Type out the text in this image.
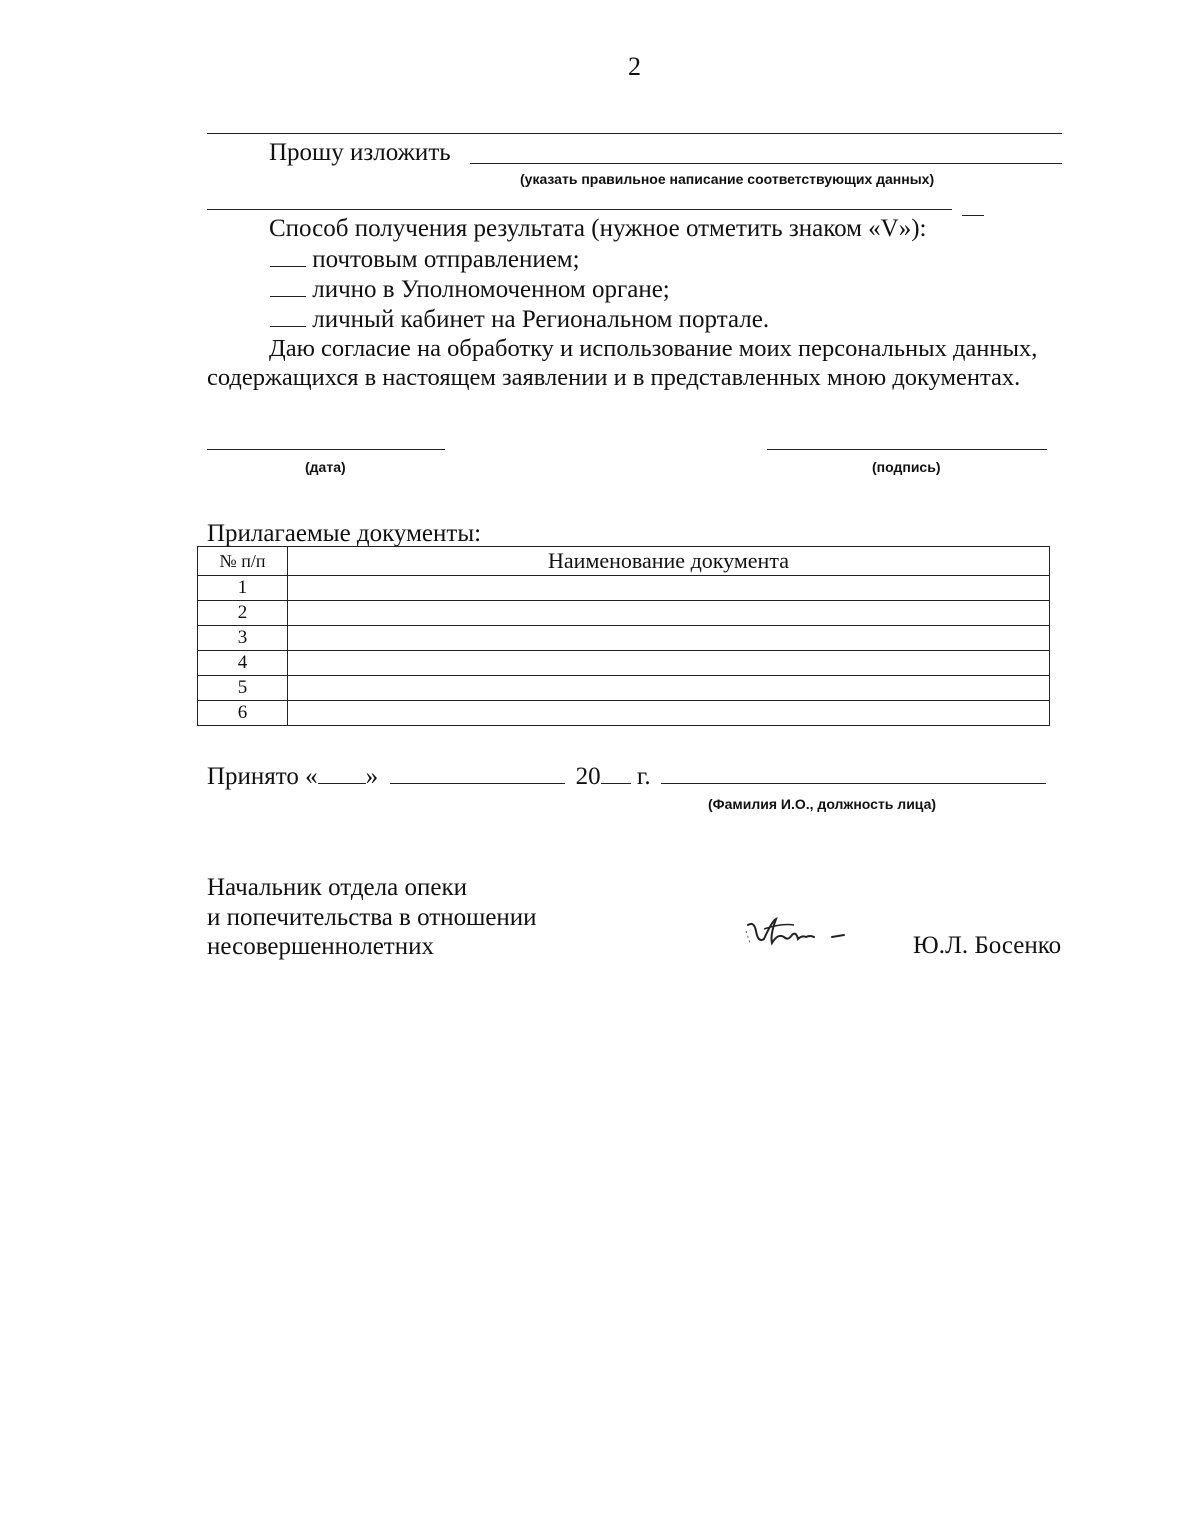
2
Прошу изложить
(указать правильное написание соответствующих данных)
Способ получения результата (нужное отметить знаком «V»):
почтовым отправлением;
лично в Уполномоченном органе;
личный кабинет на Региональном портале.
Даю согласие на обработку и использование моих персональных данных,
содержащихся в настоящем заявлении и в представленных мною документах.
(дата)	(подпись)
Прилагаемые документы:
№ п/п	Наименование документа
1	
2	
3	
4	
5	
6	
Принято « »	20 г.
(Фамилия И.О., должность лица)
Начальник отдела опеки
и попечительства в отношении
несовершеннолетних	Ю.Л. Босенко
